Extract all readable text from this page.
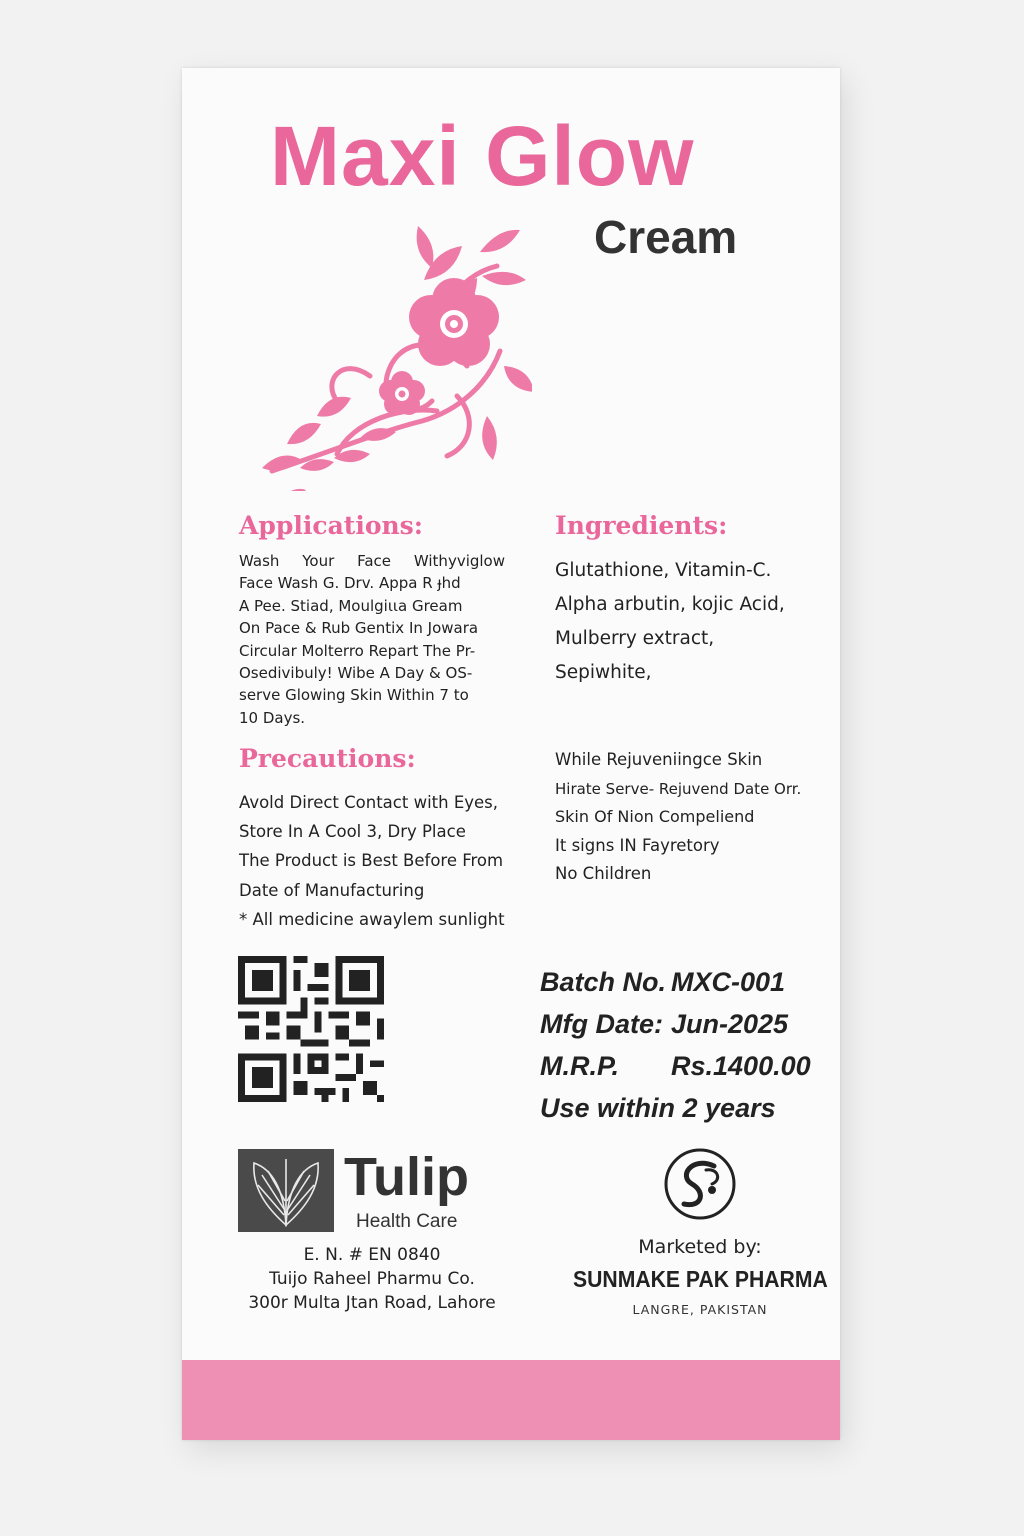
Maxi Glow
Cream
Applications:
Wash Your Face Withyviglow
Face Wash G. Drv. Appa R ɟhd
A Pee. Stiad, Moulgiιιa Gream
On Pace & Rub Gentix In Jowara
Circular Molterro Repart The Pr-
Osedivibuly! Wibe A Day & OS-
serve Glowing Skin Within 7 to
10 Days.
Ingredients:
Glutathione, Vitamin-C.
Alpha arbutin, kojic Acid,
Mulberry extract,
Sepiwhite,
Precautions:
Avold Direct Contact with Eyes,
Store In A Cool 3, Dry Place
The Product is Best Before From
Date of Manufacturing
* All medicine awaylem sunlight
While Rejuveniingce Skin
Hirate Serve- Rejuvend Date Orr.
Skin Of Nion Compeliend
It signs IN Fayretory
No Children
Batch No. MXC-001
Mfg Date: Jun-2025
M.R.P.	Rs.1400.00
Use within 2 years
Tulip
Health Care
E. N. # EN 0840
Tuijo Raheel Pharmu Co.
300r Multa Jtan Road, Lahore
Marketed by:
SUNMAKE PAK PHARMA
LANGRE, PAKISTAN
